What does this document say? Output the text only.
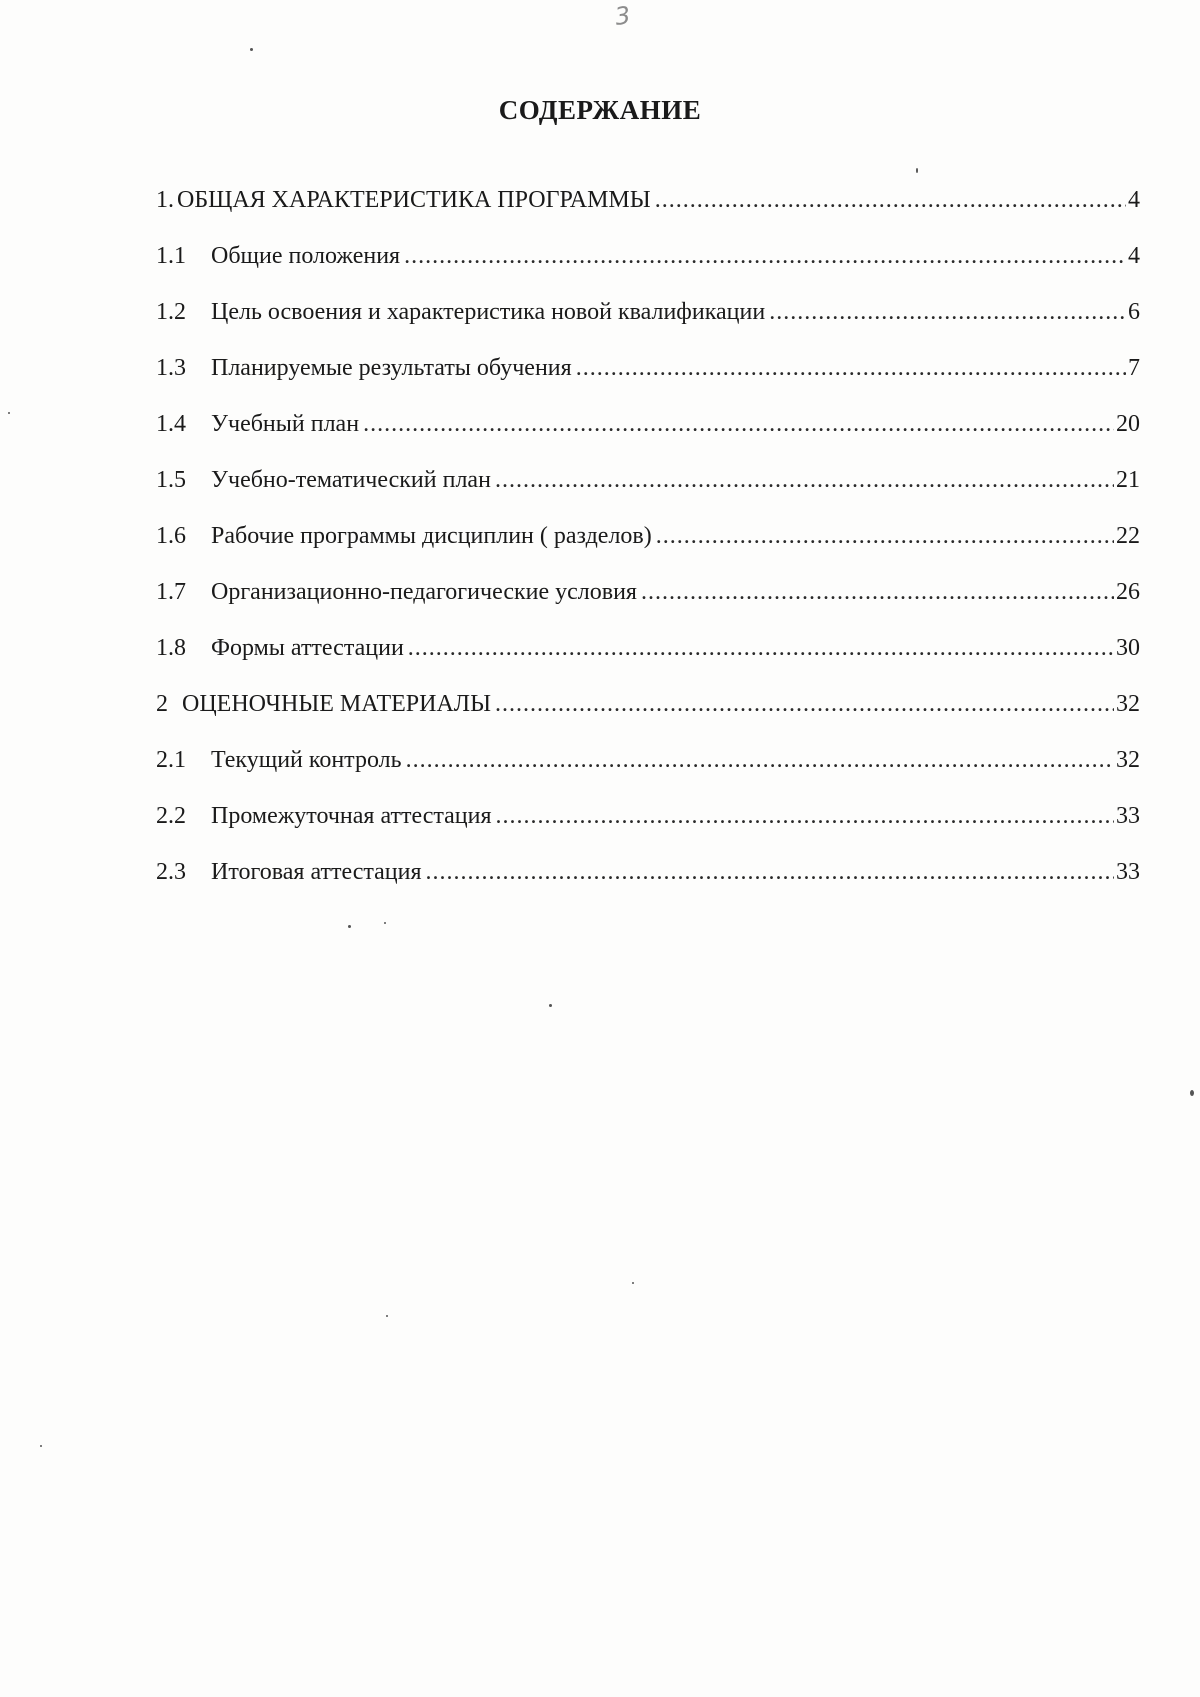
3
СОДЕРЖАНИЕ
1. ОБЩАЯ ХАРАКТЕРИСТИКА ПРОГРАММЫ .....	4
1.1	Общие положения .....	4
1.2	Цель освоения и характеристика новой квалификации .....	6
1.3	Планируемые результаты обучения .....	7
1.4	Учебный план .....	20
1.5	Учебно-тематический план .....	21
1.6	Рабочие программы дисциплин ( разделов) .....	22
1.7	Организационно-педагогические условия .....	26
1.8	Формы аттестации .....	30
2 ОЦЕНОЧНЫЕ МАТЕРИАЛЫ .....	32
2.1	Текущий контроль .....	32
2.2	Промежуточная аттестация .....	33
2.3	Итоговая аттестация .....	33
